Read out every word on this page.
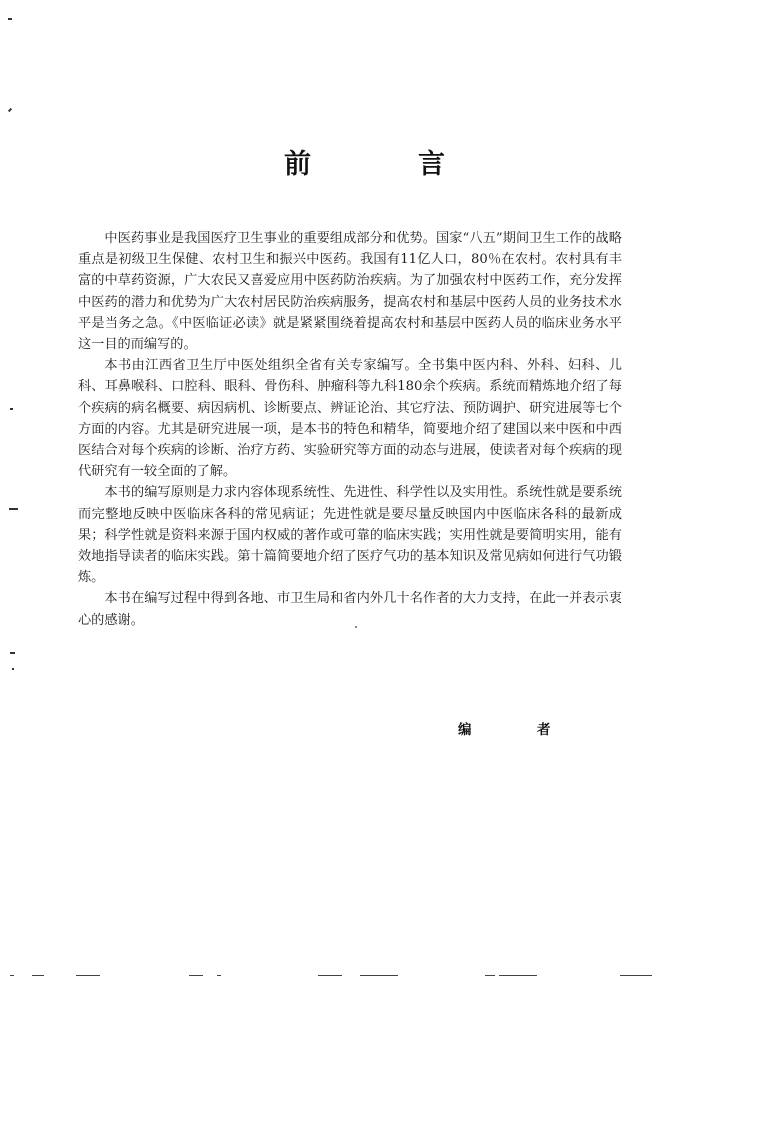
前　言

中医药事业是我国医疗卫生事业的重要组成部分和优势。国家“八五”期间卫生工作的战略重点是初级卫生保健、农村卫生和振兴中医药。我国有11亿人口，80％在农村。农村具有丰富的中草药资源，广大农民又喜爱应用中医药防治疾病。为了加强农村中医药工作，充分发挥中医药的潜力和优势为广大农村居民防治疾病服务，提高农村和基层中医药人员的业务技术水平是当务之急。《中医临证必读》就是紧紧围绕着提高农村和基层中医药人员的临床业务水平这一目的而编写的。

本书由江西省卫生厅中医处组织全省有关专家编写。全书集中医内科、外科、妇科、儿科、耳鼻喉科、口腔科、眼科、骨伤科、肿瘤科等九科180余个疾病。系统而精炼地介绍了每个疾病的病名概要、病因病机、诊断要点、辨证论治、其它疗法、预防调护、研究进展等七个方面的内容。尤其是研究进展一项，是本书的特色和精华，简要地介绍了建国以来中医和中西医结合对每个疾病的诊断、治疗方药、实验研究等方面的动态与进展，使读者对每个疾病的现代研究有一较全面的了解。

本书的编写原则是力求内容体现系统性、先进性、科学性以及实用性。系统性就是要系统而完整地反映中医临床各科的常见病证；先进性就是要尽量反映国内中医临床各科的最新成果；科学性就是资料来源于国内权威的著作或可靠的临床实践；实用性就是要简明实用，能有效地指导读者的临床实践。第十篇简要地介绍了医疗气功的基本知识及常见病如何进行气功锻炼。

本书在编写过程中得到各地、市卫生局和省内外几十名作者的大力支持，在此一并表示衷心的感谢。

编　者
